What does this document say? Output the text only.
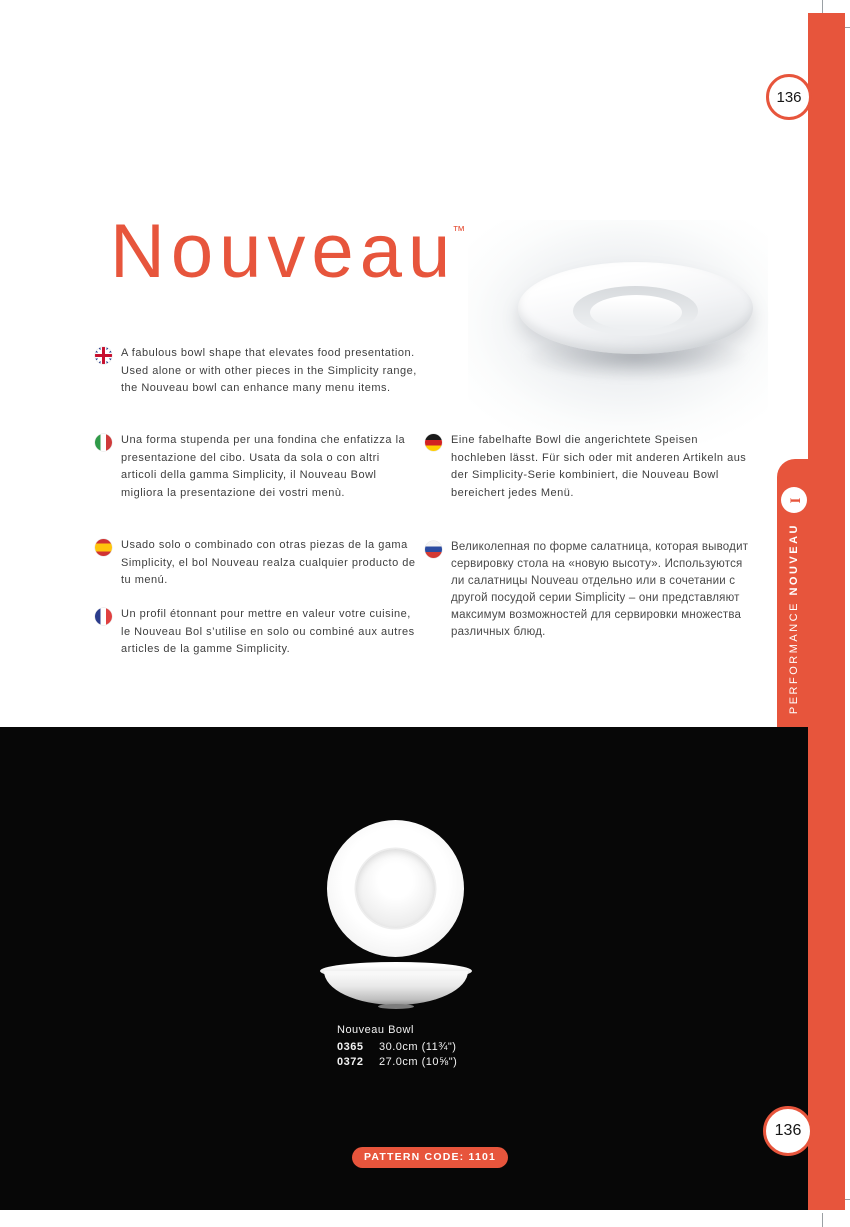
I
PERFORMANCE NOUVEAU
136
136
Nouveau™
A fabulous bowl shape that elevates food presentation. Used alone or with other pieces in the Simplicity range, the Nouveau bowl can enhance many menu items.
Una forma stupenda per una fondina che enfatizza la presentazione del cibo. Usata da sola o con altri articoli della gamma Simplicity, il Nouveau Bowl migliora la presentazione dei vostri menù.
Usado solo o combinado con otras piezas de la gama Simplicity, el bol Nouveau realza cualquier producto de tu menú.
Un profil étonnant pour mettre en valeur votre cuisine, le Nouveau Bol s’utilise en solo ou combiné aux autres articles de la gamme Simplicity.
Eine fabelhafte Bowl die angerichtete Speisen hochleben lässt. Für sich oder mit anderen Artikeln aus der Simplicity-Serie kombiniert, die Nouveau Bowl bereichert jedes Menü.
Великолепная по форме салатница, которая выводит сервировку стола на «новую высоту». Используются ли салатницы Nouveau отдельно или в сочетании с другой посудой серии Simplicity – они представляют максимум возможностей для сервировки множества различных блюд.
Nouveau Bowl
0365 30.0cm (11¾")
0372 27.0cm (10⅝")
PATTERN CODE: 1101
